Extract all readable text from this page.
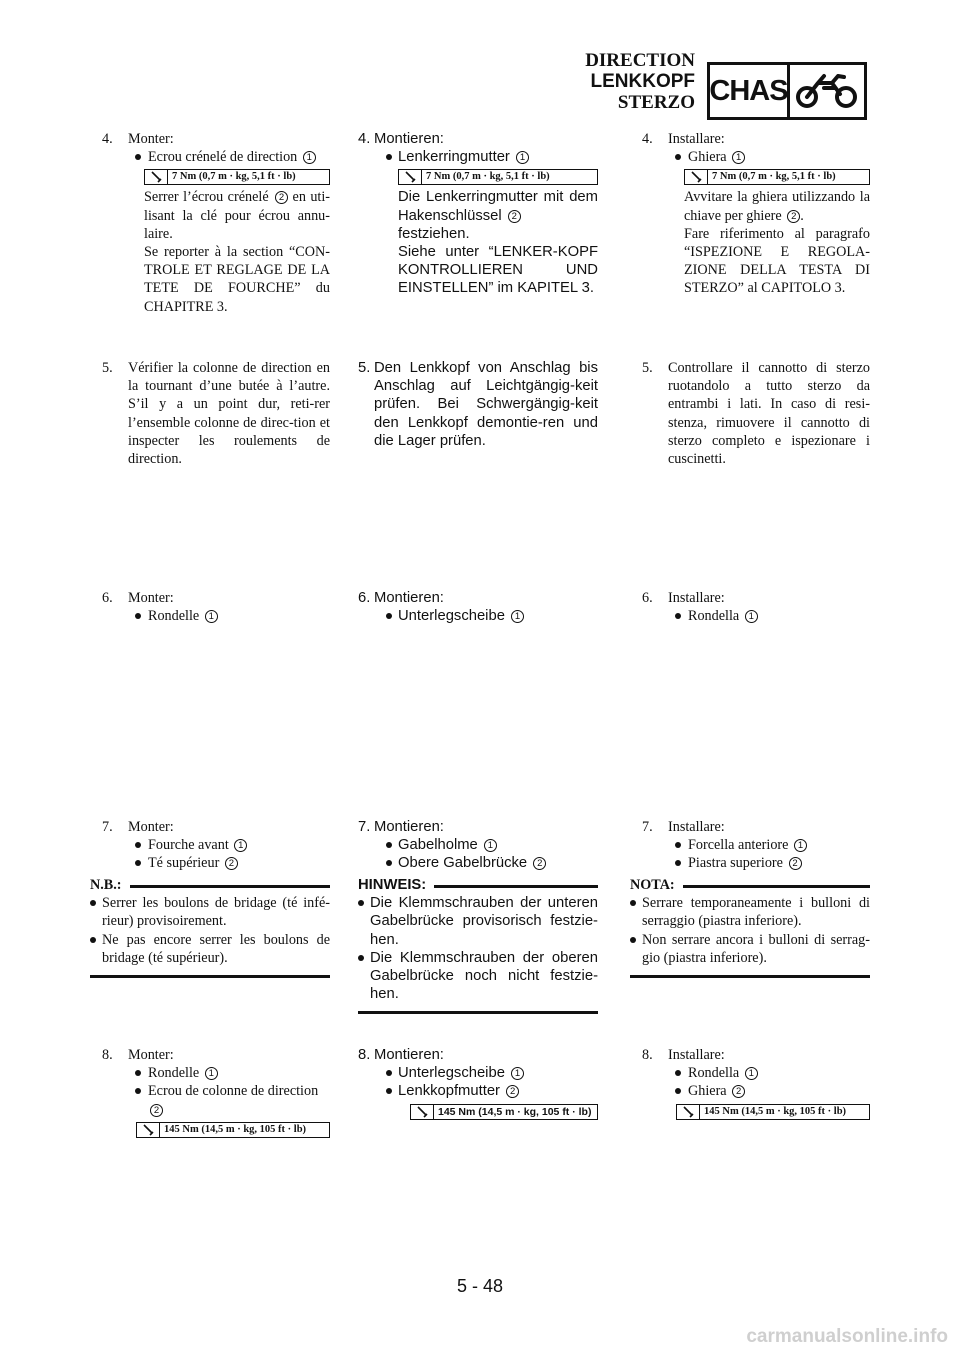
DIRECTION
LENKKOPF
STERZO CHAS
4. Monter:
Ecrou crénelé de direction 1
7 Nm (0,7 m · kg, 5,1 ft · lb)
Serrer l’écrou crénelé 2 en uti-lisant la clé pour écrou annu-laire.
Se reporter à la section “CON-TROLE ET REGLAGE DE LA TETE DE FOURCHE” du CHAPITRE 3.
5. Vérifier la colonne de direction en la tournant d’une butée à l’autre. S’il y a un point dur, reti-rer l’ensemble colonne de direc-tion et inspecter les roulements de direction.
6. Monter:
Rondelle 1
7. Monter:
Fourche avant 1
Té supérieur 2
N.B.:
Serrer les boulons de bridage (té infé-rieur) provisoirement.
Ne pas encore serrer les boulons de bridage (té supérieur).
8. Monter:
Rondelle 1
Ecrou de colonne de direction
2
145 Nm (14,5 m · kg, 105 ft · lb)
4. Montieren:
Lenkerringmutter 1
7 Nm (0,7 m · kg, 5,1 ft · lb)
Die Lenkerringmutter mit dem Hakenschlüssel 2
festziehen.
Siehe unter “LENKER-KOPF KONTROLLIEREN UND EINSTELLEN” im KAPITEL 3.
5. Den Lenkkopf von Anschlag bis Anschlag auf Leichtgängig-keit prüfen. Bei Schwergängig-keit den Lenkkopf demontie-ren und die Lager prüfen.
6. Montieren:
Unterlegscheibe 1
7. Montieren:
Gabelholme 1
Obere Gabelbrücke 2
HINWEIS:
Die Klemmschrauben der unteren Gabelbrücke provisorisch festzie-hen.
Die Klemmschrauben der oberen Gabelbrücke noch nicht festzie-hen.
8. Montieren:
Unterlegscheibe 1
Lenkkopfmutter 2
145 Nm (14,5 m · kg, 105 ft · lb)
4. Installare:
Ghiera 1
7 Nm (0,7 m · kg, 5,1 ft · lb)
Avvitare la ghiera utilizzando la chiave per ghiere 2 .
Fare riferimento al paragrafo “ISPEZIONE E REGOLA-ZIONE DELLA TESTA DI STERZO” al CAPITOLO 3.
5. Controllare il cannotto di sterzo ruotandolo a tutto sterzo da entrambi i lati. In caso di resi-stenza, rimuovere il cannotto di sterzo completo e ispezionare i cuscinetti.
6. Installare:
Rondella 1
7. Installare:
Forcella anteriore 1
Piastra superiore 2
NOTA:
Serrare temporaneamente i bulloni di serraggio (piastra inferiore).
Non serrare ancora i bulloni di serrag-gio (piastra inferiore).
8. Installare:
Rondella 1
Ghiera 2
145 Nm (14,5 m · kg, 105 ft · lb)
5 - 48
carmanualsonline.info
